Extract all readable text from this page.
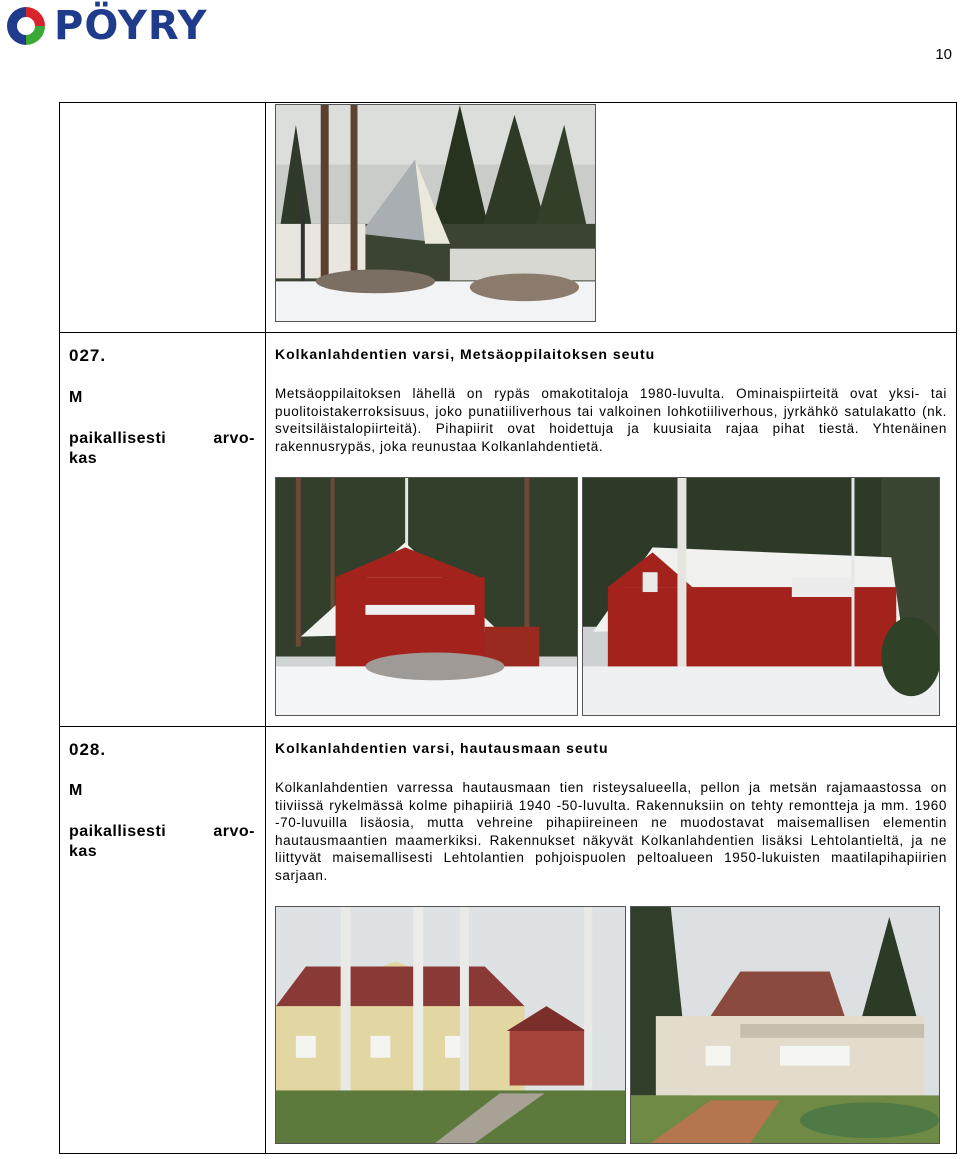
PÖYRY
10
027.
M
paikallisesti	arvo-
kas
Kolkanlahdentien varsi, Metsäoppilaitoksen seutu
Metsäoppilaitoksen lähellä on rypäs omakotitaloja 1980-luvulta. Ominaispiirteitä ovat yksi- tai puolitoistakerroksisuus, joko punatiiliverhous tai valkoinen lohkotiiliverhous, jyrkähkö satulakatto (nk. sveitsiläistalopiirteitä). Pihapiirit ovat hoidettuja ja kuusiaita rajaa pihat tiestä. Yhtenäinen rakennusrypäs, joka reunustaa Kolkanlahdentietä.
028.
M
paikallisesti	arvo-
kas
Kolkanlahdentien varsi, hautausmaan seutu
Kolkanlahdentien varressa hautausmaan tien risteysalueella, pellon ja metsän rajamaastossa on tiiviissä rykelmässä kolme pihapiiriä 1940 -50-luvulta. Rakennuksiin on tehty remontteja ja mm. 1960 -70-luvuilla lisäosia, mutta vehreine pihapiireineen ne muodostavat maisemallisen elementin hautausmaantien maamerkiksi. Rakennukset näkyvät Kolkanlahdentien lisäksi Lehtolantieltä, ja ne liittyvät maisemallisesti Lehtolantien pohjoispuolen peltoalueen 1950-lukuisten maatilapihapiirien sarjaan.
